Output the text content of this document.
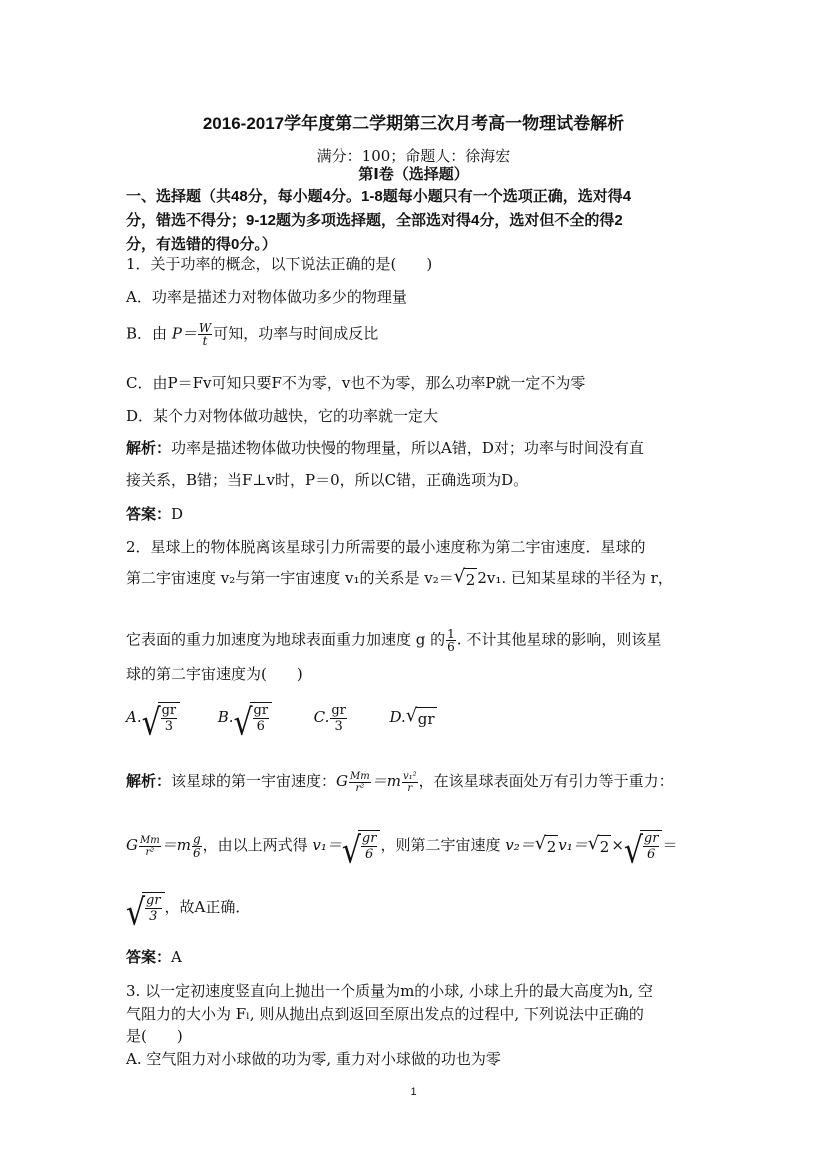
2016-2017学年度第二学期第三次月考高一物理试卷解析
满分：100；命题人：徐海宏
第Ⅰ卷（选择题）
一、选择题（共48分，每小题4分。1-8题每小题只有一个选项正确，选对得4
分，错选不得分；9-12题为多项选择题，全部选对得4分，选对但不全的得2
分，有选错的得0分。）
1．关于功率的概念，以下说法正确的是(　　)
A．功率是描述力对物体做功多少的物理量
B．由 $P= \frac{W}{t}$ 可知，功率与时间成反比
C．由P＝Fv可知只要F不为零，v也不为零，那么功率P就一定不为零
D．某个力对物体做功越快，它的功率就一定大
解析：功率是描述物体做功快慢的物理量，所以A错，D对；功率与时间没有直
接关系，B错；当F⊥v时，P＝0，所以C错，正确选项为D。
答案：D
2．星球上的物体脱离该星球引力所需要的最小速度称为第二宇宙速度．星球的
第二宇宙速度 v₂与第一宇宙速度 v₁的关系是 v₂＝ √ 2 2v₁. 已知某星球的半径为 r，
它表面的重力加速度为地球表面重力加速度 g 的 $\frac{1}{6}$ . 不计其他星球的影响，则该星
球的第二宇宙速度为(　　)
A. √ $\frac{gr}{3}$	B. √ $\frac{gr}{6}$	C. $\frac{gr}{3}$	D. √ gr
解析：该星球的第一宇宙速度：G $\frac{Mm}{\text{r²}} =m \frac{\text{v₁²}}{r}$ ，在该星球表面处万有引力等于重力：
G $\frac{Mm}{\text{r²}} =m \frac{g}{6}$ ，由以上两式得 v₁＝ √ $\frac{gr}{6}$ ，则第二宇宙速度 v₂＝ √ 2 v₁＝ √ 2 × √ $\frac{gr}{6}$ ＝
√ $\frac{gr}{3}$ ，故A正确．
答案：A
3. 以一定初速度竖直向上抛出一个质量为m的小球, 小球上升的最大高度为h, 空
气阻力的大小为 Fₗ, 则从抛出点到返回至原出发点的过程中, 下列说法中正确的
是(　　)
A. 空气阻力对小球做的功为零, 重力对小球做的功也为零
1
